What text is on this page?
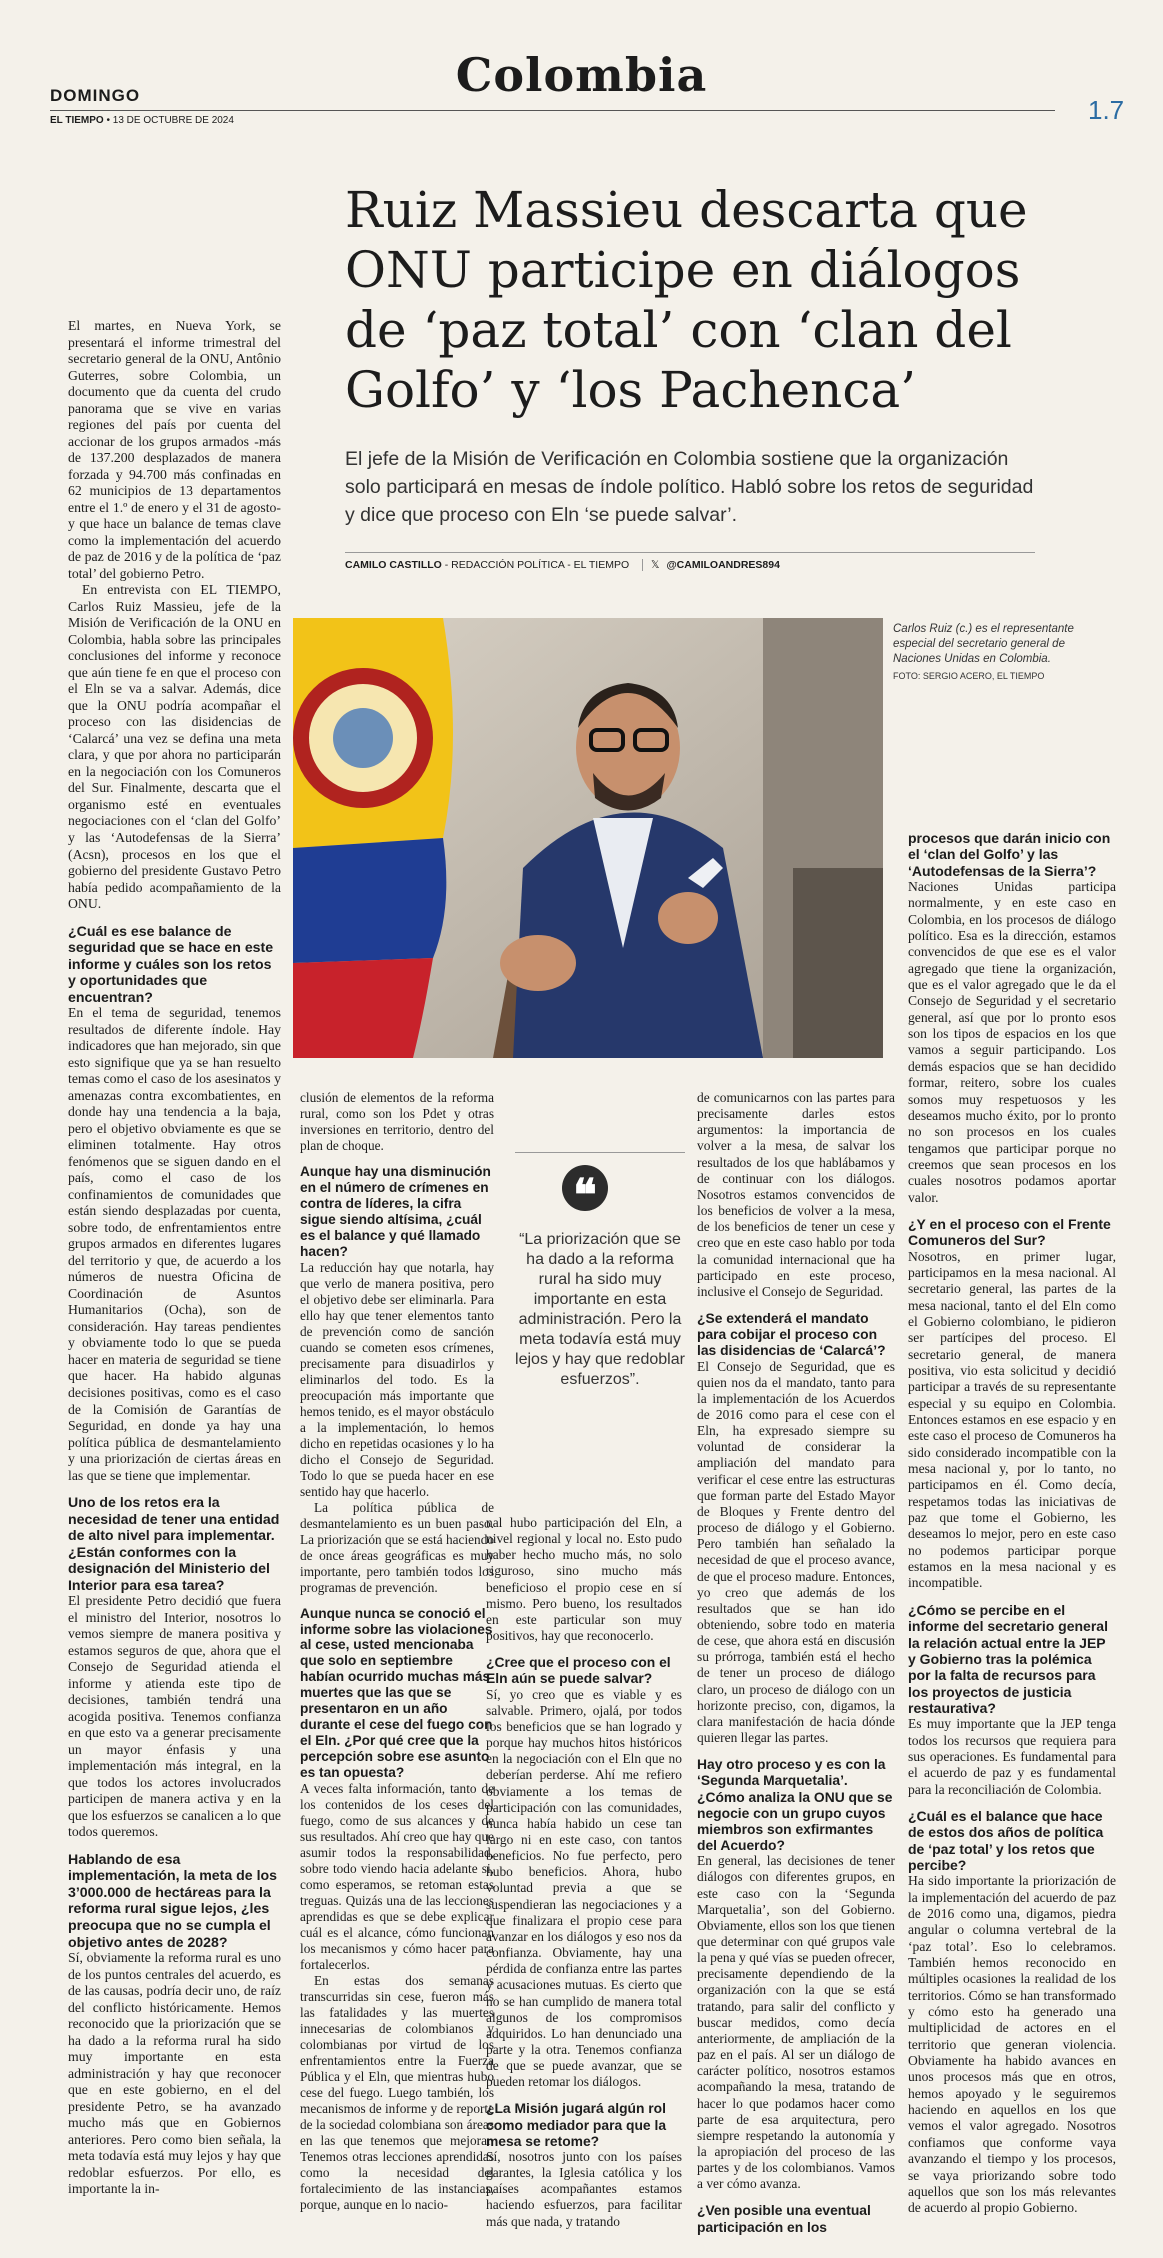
Colombia
DOMINGO
EL TIEMPO • 13 DE OCTUBRE DE 2024	1.7
Ruiz Massieu descarta que ONU participe en diálogos de ‘paz total’ con ‘clan del Golfo’ y ‘los Pachenca’
El jefe de la Misión de Verificación en Colombia sostiene que la organización solo participará en mesas de índole político. Habló sobre los retos de seguridad y dice que proceso con Eln ‘se puede salvar’.
CAMILO CASTILLO - REDACCIÓN POLÍTICA - EL TIEMPO 𝕏 @CAMILOANDRES894
Carlos Ruiz (c.) es el representante especial del secretario general de Naciones Unidas en Colombia.
FOTO: SERGIO ACERO, EL TIEMPO
❝
“La priorización que se ha dado a la reforma rural ha sido muy importante en esta administración. Pero la meta todavía está muy lejos y hay que redoblar esfuerzos”.

El martes, en Nueva York, se presentará el informe trimestral del secretario general de la ONU, Antônio Guterres, sobre Colombia, un documento que da cuenta del crudo panorama que se vive en varias regiones del país por cuenta del accionar de los grupos armados -más de 137.200 desplazados de manera forzada y 94.700 más confinadas en 62 municipios de 13 departamentos entre el 1.º de enero y el 31 de agosto- y que hace un balance de temas clave como la implementación del acuerdo de paz de 2016 y de la política de ‘paz total’ del gobierno Petro.

En entrevista con EL TIEMPO, Carlos Ruiz Massieu, jefe de la Misión de Verificación de la ONU en Colombia, habla sobre las principales conclusiones del informe y reconoce que aún tiene fe en que el proceso con el Eln se va a salvar. Además, dice que la ONU podría acompañar el proceso con las disidencias de ‘Calarcá’ una vez se defina una meta clara, y que por ahora no participarán en la negociación con los Comuneros del Sur. Finalmente, descarta que el organismo esté en eventuales negociaciones con el ‘clan del Golfo’ y las ‘Autodefensas de la Sierra’ (Acsn), procesos en los que el gobierno del presidente Gustavo Petro había pedido acompañamiento de la ONU.

¿Cuál es ese balance de seguridad que se hace en este informe y cuáles son los retos y oportunidades que encuentran?

En el tema de seguridad, tenemos resultados de diferente índole. Hay indicadores que han mejorado, sin que esto signifique que ya se han resuelto temas como el caso de los asesinatos y amenazas contra excombatientes, en donde hay una tendencia a la baja, pero el objetivo obviamente es que se eliminen totalmente. Hay otros fenómenos que se siguen dando en el país, como el caso de los confinamientos de comunidades que están siendo desplazadas por cuenta, sobre todo, de enfrentamientos entre grupos armados en diferentes lugares del territorio y que, de acuerdo a los números de nuestra Oficina de Coordinación de Asuntos Humanitarios (Ocha), son de consideración. Hay tareas pendientes y obviamente todo lo que se pueda hacer en materia de seguridad se tiene que hacer. Ha habido algunas decisiones positivas, como es el caso de la Comisión de Garantías de Seguridad, en donde ya hay una política pública de desmantelamiento y una priorización de ciertas áreas en las que se tiene que implementar.

Uno de los retos era la necesidad de tener una entidad de alto nivel para implementar. ¿Están conformes con la designación del Ministerio del Interior para esa tarea?

El presidente Petro decidió que fuera el ministro del Interior, nosotros lo vemos siempre de manera positiva y estamos seguros de que, ahora que el Consejo de Seguridad atienda el informe y atienda este tipo de decisiones, también tendrá una acogida positiva. Tenemos confianza en que esto va a generar precisamente un mayor énfasis y una implementación más integral, en la que todos los actores involucrados participen de manera activa y en la que los esfuerzos se canalicen a lo que todos queremos.

Hablando de esa implementación, la meta de los 3’000.000 de hectáreas para la reforma rural sigue lejos, ¿les preocupa que no se cumpla el objetivo antes de 2028?

Sí, obviamente la reforma rural es uno de los puntos centrales del acuerdo, es de las causas, podría decir uno, de raíz del conflicto históricamente. Hemos reconocido que la priorización que se ha dado a la reforma rural ha sido muy importante en esta administración y hay que reconocer que en este gobierno, en el del presidente Petro, se ha avanzado mucho más que en Gobiernos anteriores. Pero como bien señala, la meta todavía está muy lejos y hay que redoblar esfuerzos. Por ello, es importante la in-

clusión de elementos de la reforma rural, como son los Pdet y otras inversiones en territorio, dentro del plan de choque.

Aunque hay una disminución en el número de crímenes en contra de líderes, la cifra sigue siendo altísima, ¿cuál es el balance y qué llamado hacen?

La reducción hay que notarla, hay que verlo de manera positiva, pero el objetivo debe ser eliminarla. Para ello hay que tener elementos tanto de prevención como de sanción cuando se cometen esos crímenes, precisamente para disuadirlos y eliminarlos del todo. Es la preocupación más importante que hemos tenido, es el mayor obstáculo a la implementación, lo hemos dicho en repetidas ocasiones y lo ha dicho el Consejo de Seguridad. Todo lo que se pueda hacer en ese sentido hay que hacerlo.

La política pública de desmantelamiento es un buen paso. La priorización que se está haciendo de once áreas geográficas es muy importante, pero también todos los programas de prevención.

Aunque nunca se conoció el informe sobre las violaciones al cese, usted mencionaba que solo en septiembre habían ocurrido muchas más muertes que las que se presentaron en un año durante el cese del fuego con el Eln. ¿Por qué cree que la percepción sobre ese asunto es tan opuesta?

A veces falta información, tanto de los contenidos de los ceses del fuego, como de sus alcances y de sus resultados. Ahí creo que hay que asumir todos la responsabilidad, sobre todo viendo hacia adelante si, como esperamos, se retoman estas treguas. Quizás una de las lecciones aprendidas es que se debe explicar cuál es el alcance, cómo funcionan los mecanismos y cómo hacer para fortalecerlos.

En estas dos semanas transcurridas sin cese, fueron más las fatalidades y las muertes innecesarias de colombianos y colombianas por virtud de los enfrentamientos entre la Fuerza Pública y el Eln, que mientras hubo cese del fuego. Luego también, los mecanismos de informe y de reporte de la sociedad colombiana son áreas en las que tenemos que mejorar. Tenemos otras lecciones aprendidas como la necesidad del fortalecimiento de las instancias, porque, aunque en lo nacio-

nal hubo participación del Eln, a nivel regional y local no. Esto pudo haber hecho mucho más, no solo riguroso, sino mucho más beneficioso el propio cese en sí mismo. Pero bueno, los resultados en este particular son muy positivos, hay que reconocerlo.

¿Cree que el proceso con el Eln aún se puede salvar?

Sí, yo creo que es viable y es salvable. Primero, ojalá, por todos los beneficios que se han logrado y porque hay muchos hitos históricos en la negociación con el Eln que no deberían perderse. Ahí me refiero obviamente a los temas de participación con las comunidades, nunca había habido un cese tan largo ni en este caso, con tantos beneficios. No fue perfecto, pero hubo beneficios. Ahora, hubo voluntad previa a que se suspendieran las negociaciones y a que finalizara el propio cese para avanzar en los diálogos y eso nos da confianza. Obviamente, hay una pérdida de confianza entre las partes y acusaciones mutuas. Es cierto que no se han cumplido de manera total algunos de los compromisos adquiridos. Lo han denunciado una parte y la otra. Tenemos confianza de que se puede avanzar, que se pueden retomar los diálogos.

¿La Misión jugará algún rol como mediador para que la mesa se retome?

Sí, nosotros junto con los países garantes, la Iglesia católica y los países acompañantes estamos haciendo esfuerzos, para facilitar más que nada, y tratando

de comunicarnos con las partes para precisamente darles estos argumentos: la importancia de volver a la mesa, de salvar los resultados de los que hablábamos y de continuar con los diálogos. Nosotros estamos convencidos de los beneficios de volver a la mesa, de los beneficios de tener un cese y creo que en este caso hablo por toda la comunidad internacional que ha participado en este proceso, inclusive el Consejo de Seguridad.

¿Se extenderá el mandato para cobijar el proceso con las disidencias de ‘Calarcá’?

El Consejo de Seguridad, que es quien nos da el mandato, tanto para la implementación de los Acuerdos de 2016 como para el cese con el Eln, ha expresado siempre su voluntad de considerar la ampliación del mandato para verificar el cese entre las estructuras que forman parte del Estado Mayor de Bloques y Frente dentro del proceso de diálogo y el Gobierno. Pero también han señalado la necesidad de que el proceso avance, de que el proceso madure. Entonces, yo creo que además de los resultados que se han ido obteniendo, sobre todo en materia de cese, que ahora está en discusión su prórroga, también está el hecho de tener un proceso de diálogo claro, un proceso de diálogo con un horizonte preciso, con, digamos, la clara manifestación de hacia dónde quieren llegar las partes.

Hay otro proceso y es con la ‘Segunda Marquetalia’. ¿Cómo analiza la ONU que se negocie con un grupo cuyos miembros son exfirmantes del Acuerdo?

En general, las decisiones de tener diálogos con diferentes grupos, en este caso con la ‘Segunda Marquetalia’, son del Gobierno. Obviamente, ellos son los que tienen que determinar con qué grupos vale la pena y qué vías se pueden ofrecer, precisamente dependiendo de la organización con la que se está tratando, para salir del conflicto y buscar medidos, como decía anteriormente, de ampliación de la paz en el país. Al ser un diálogo de carácter político, nosotros estamos acompañando la mesa, tratando de hacer lo que podamos hacer como parte de esa arquitectura, pero siempre respetando la autonomía y la apropiación del proceso de las partes y de los colombianos. Vamos a ver cómo avanza.

¿Ven posible una eventual participación en los
procesos que darán inicio con el ‘clan del Golfo’ y las ‘Autodefensas de la Sierra’?

Naciones Unidas participa normalmente, y en este caso en Colombia, en los procesos de diálogo político. Esa es la dirección, estamos convencidos de que ese es el valor agregado que tiene la organización, que es el valor agregado que le da el Consejo de Seguridad y el secretario general, así que por lo pronto esos son los tipos de espacios en los que vamos a seguir participando. Los demás espacios que se han decidido formar, reitero, sobre los cuales somos muy respetuosos y les deseamos mucho éxito, por lo pronto no son procesos en los cuales tengamos que participar porque no creemos que sean procesos en los cuales nosotros podamos aportar valor.

¿Y en el proceso con el Frente Comuneros del Sur?

Nosotros, en primer lugar, participamos en la mesa nacional. Al secretario general, las partes de la mesa nacional, tanto el del Eln como el Gobierno colombiano, le pidieron ser partícipes del proceso. El secretario general, de manera positiva, vio esta solicitud y decidió participar a través de su representante especial y su equipo en Colombia. Entonces estamos en ese espacio y en este caso el proceso de Comuneros ha sido considerado incompatible con la mesa nacional y, por lo tanto, no participamos en él. Como decía, respetamos todas las iniciativas de paz que tome el Gobierno, les deseamos lo mejor, pero en este caso no podemos participar porque estamos en la mesa nacional y es incompatible.

¿Cómo se percibe en el informe del secretario general la relación actual entre la JEP y Gobierno tras la polémica por la falta de recursos para los proyectos de justicia restaurativa?

Es muy importante que la JEP tenga todos los recursos que requiera para sus operaciones. Es fundamental para el acuerdo de paz y es fundamental para la reconciliación de Colombia.

¿Cuál es el balance que hace de estos dos años de política de ‘paz total’ y los retos que percibe?

Ha sido importante la priorización de la implementación del acuerdo de paz de 2016 como una, digamos, piedra angular o columna vertebral de la ‘paz total’. Eso lo celebramos. También hemos reconocido en múltiples ocasiones la realidad de los territorios. Cómo se han transformado y cómo esto ha generado una multiplicidad de actores en el territorio que generan violencia. Obviamente ha habido avances en unos procesos más que en otros, hemos apoyado y le seguiremos haciendo en aquellos en los que vemos el valor agregado. Nosotros confiamos que conforme vaya avanzando el tiempo y los procesos, se vaya priorizando sobre todo aquellos que son los más relevantes de acuerdo al propio Gobierno.
